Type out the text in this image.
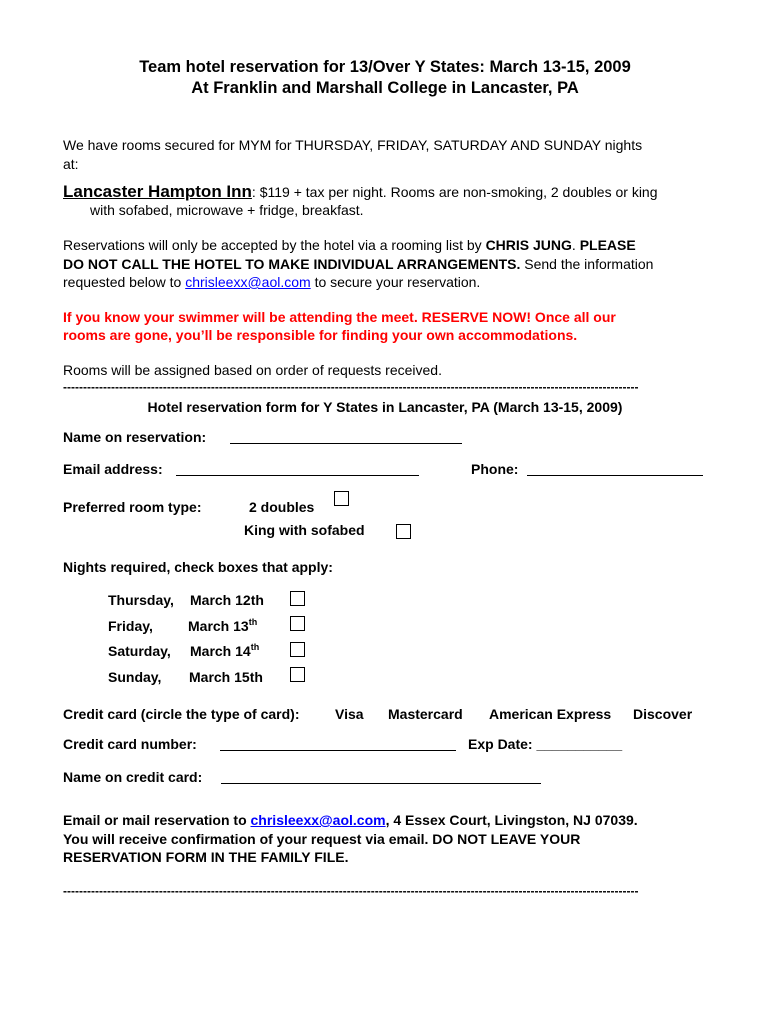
Team hotel reservation for 13/Over Y States: March 13-15, 2009
At Franklin and Marshall College in Lancaster, PA
We have rooms secured for MYM for THURSDAY, FRIDAY, SATURDAY AND SUNDAY nights
at:
Lancaster Hampton Inn: $119 + tax per night. Rooms are non-smoking, 2 doubles or king
with sofabed, microwave + fridge, breakfast.
Reservations will only be accepted by the hotel via a rooming list by CHRIS JUNG. PLEASE
DO NOT CALL THE HOTEL TO MAKE INDIVIDUAL ARRANGEMENTS. Send the information
requested below to chrisleexx@aol.com to secure your reservation.
If you know your swimmer will be attending the meet. RESERVE NOW! Once all our
rooms are gone, you’ll be responsible for finding your own accommodations.
Rooms will be assigned based on order of requests received.
------------------------------------------------------------------------------------------------------------------------------------------------
Hotel reservation form for Y States in Lancaster, PA (March 13-15, 2009)
Name on reservation:
Email address:	Phone:
Preferred room type:	2 doubles
King with sofabed
Nights required, check boxes that apply:
Thursday, March 12th
Friday,	March 13th
Saturday, March 14th
Sunday, March 15th
Credit card (circle the type of card):	Visa Mastercard American Express Discover
Credit card number:	Exp Date: ___________
Name on credit card:
Email or mail reservation to chrisleexx@aol.com, 4 Essex Court, Livingston, NJ 07039.
You will receive confirmation of your request via email. DO NOT LEAVE YOUR
RESERVATION FORM IN THE FAMILY FILE.
------------------------------------------------------------------------------------------------------------------------------------------------
